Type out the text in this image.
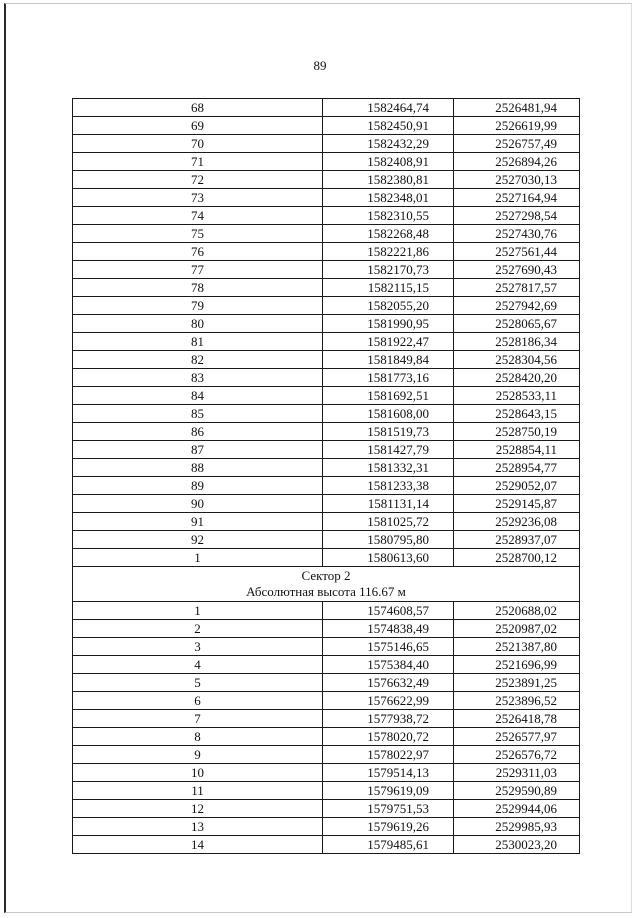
89
68	1582464,74	2526481,94
69	1582450,91	2526619,99
70	1582432,29	2526757,49
71	1582408,91	2526894,26
72	1582380,81	2527030,13
73	1582348,01	2527164,94
74	1582310,55	2527298,54
75	1582268,48	2527430,76
76	1582221,86	2527561,44
77	1582170,73	2527690,43
78	1582115,15	2527817,57
79	1582055,20	2527942,69
80	1581990,95	2528065,67
81	1581922,47	2528186,34
82	1581849,84	2528304,56
83	1581773,16	2528420,20
84	1581692,51	2528533,11
85	1581608,00	2528643,15
86	1581519,73	2528750,19
87	1581427,79	2528854,11
88	1581332,31	2528954,77
89	1581233,38	2529052,07
90	1581131,14	2529145,87
91	1581025,72	2529236,08
92	1580795,80	2528937,07
1	1580613,60	2528700,12

Сектор 2
Абсолютная высота 116.67 м		

1	1574608,57	2520688,02
2	1574838,49	2520987,02
3	1575146,65	2521387,80
4	1575384,40	2521696,99
5	1576632,49	2523891,25
6	1576622,99	2523896,52
7	1577938,72	2526418,78
8	1578020,72	2526577,97
9	1578022,97	2526576,72
10	1579514,13	2529311,03
11	1579619,09	2529590,89
12	1579751,53	2529944,06
13	1579619,26	2529985,93
14	1579485,61	2530023,20
